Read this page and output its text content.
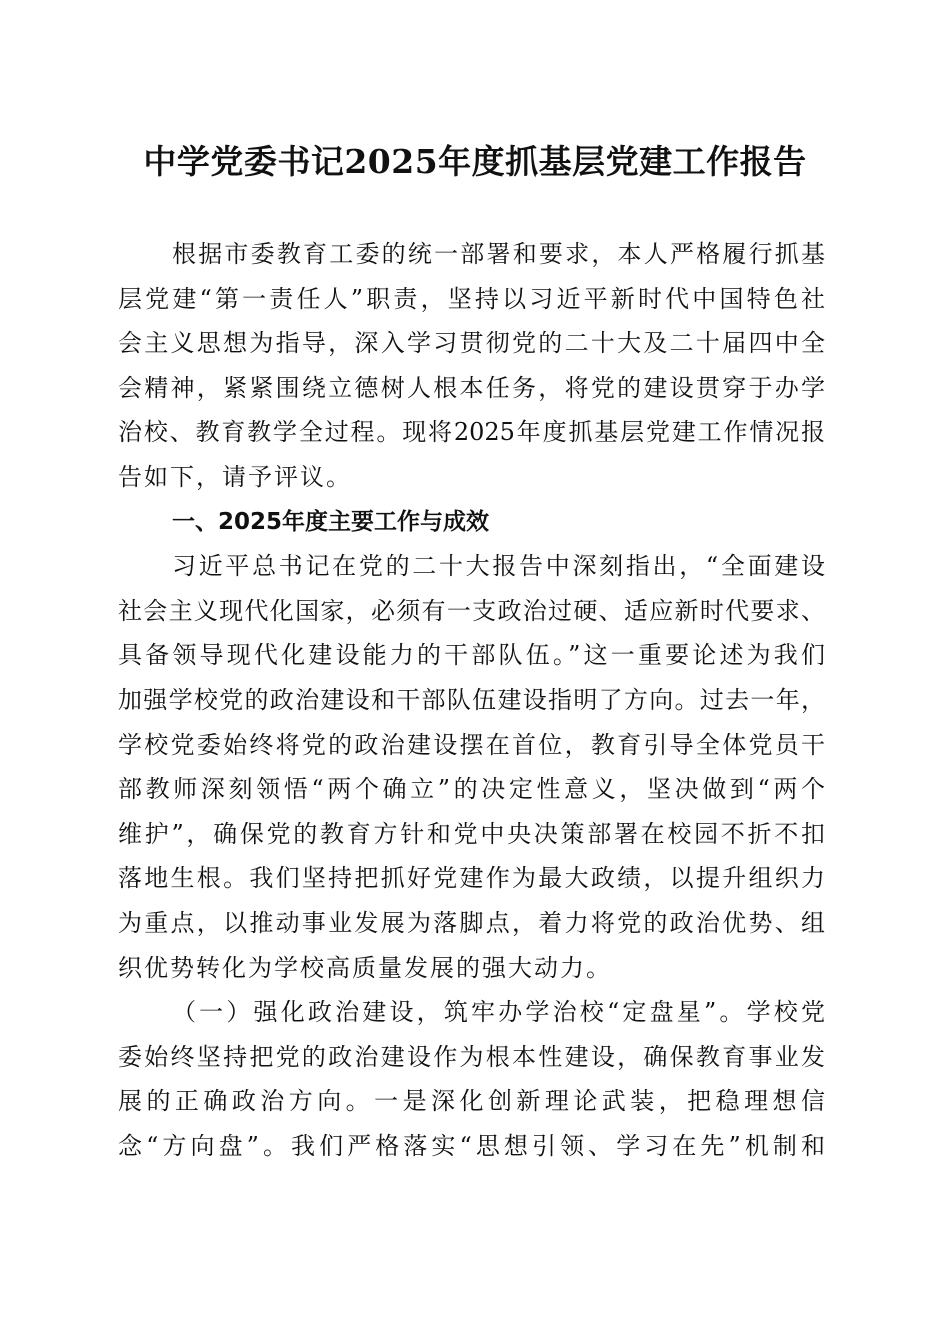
中学党委书记2025年度抓基层党建工作报告
根据市委教育工委的统一部署和要求，本人严格履行抓基
层党建“第一责任人”职责，坚持以习近平新时代中国特色社
会主义思想为指导，深入学习贯彻党的二十大及二十届四中全
会精神，紧紧围绕立德树人根本任务，将党的建设贯穿于办学
治校、教育教学全过程。现将2025年度抓基层党建工作情况报
告如下，请予评议。
一、2025年度主要工作与成效
习近平总书记在党的二十大报告中深刻指出，“全面建设
社会主义现代化国家，必须有一支政治过硬、适应新时代要求、
具备领导现代化建设能力的干部队伍。”这一重要论述为我们
加强学校党的政治建设和干部队伍建设指明了方向。过去一年，
学校党委始终将党的政治建设摆在首位，教育引导全体党员干
部教师深刻领悟“两个确立”的决定性意义，坚决做到“两个
维护”，确保党的教育方针和党中央决策部署在校园不折不扣
落地生根。我们坚持把抓好党建作为最大政绩，以提升组织力
为重点，以推动事业发展为落脚点，着力将党的政治优势、组
织优势转化为学校高质量发展的强大动力。
（一）强化政治建设，筑牢办学治校“定盘星”。学校党
委始终坚持把党的政治建设作为根本性建设，确保教育事业发
展的正确政治方向。一是深化创新理论武装，把稳理想信
念“方向盘”。我们严格落实“思想引领、学习在先”机制和
